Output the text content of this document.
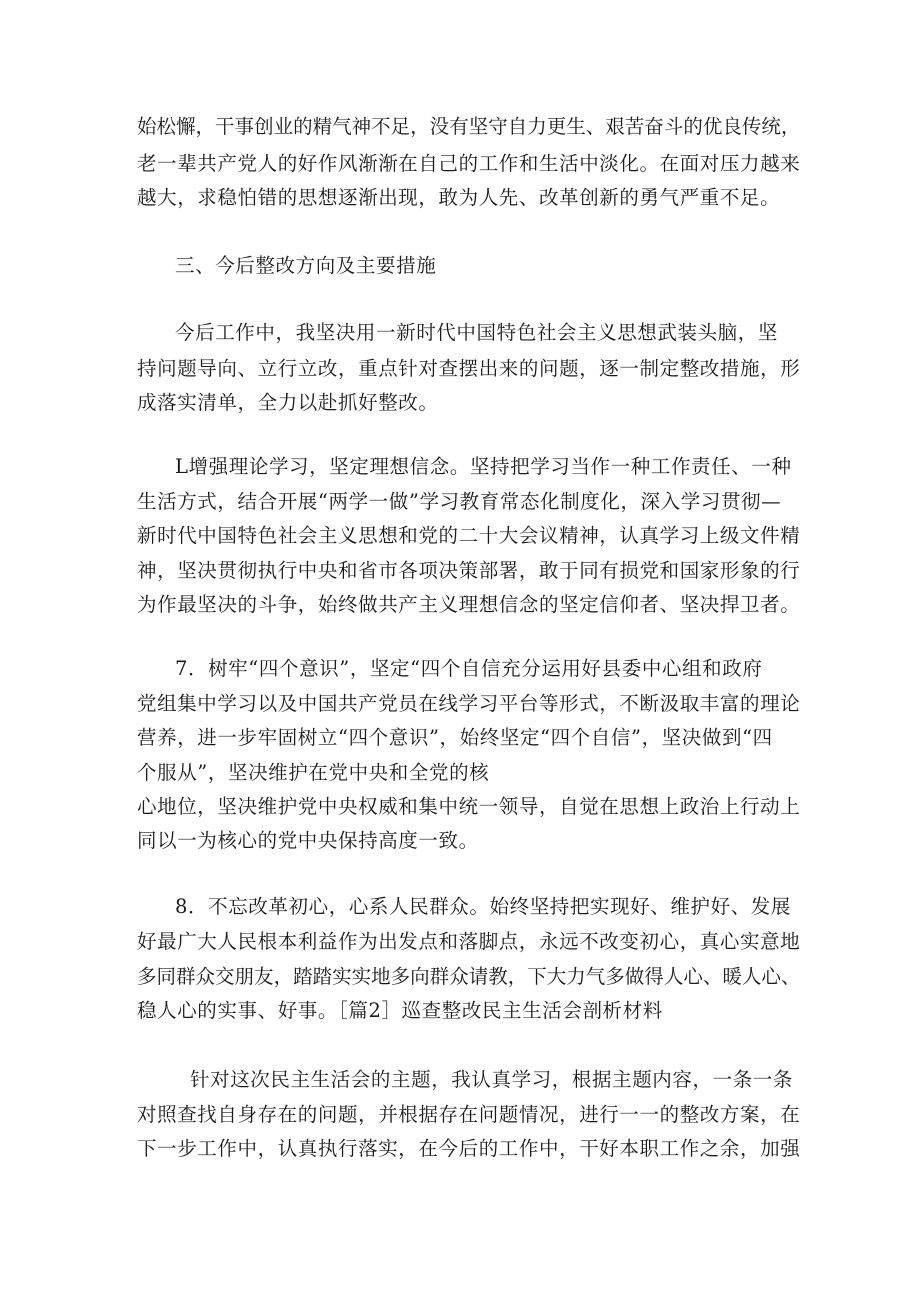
始松懈，干事创业的精气神不足，没有坚守自力更生、艰苦奋斗的优良传统，
老一辈共产党人的好作风渐渐在自己的工作和生活中淡化。在面对压力越来
越大，求稳怕错的思想逐渐出现，敢为人先、改革创新的勇气严重不足。
三、今后整改方向及主要措施
今后工作中，我坚决用一新时代中国特色社会主义思想武装头脑，坚
持问题导向、立行立改，重点针对查摆出来的问题，逐一制定整改措施，形
成落实清单，全力以赴抓好整改。
L增强理论学习，坚定理想信念。坚持把学习当作一种工作责任、一种
生活方式，结合开展“两学一做”学习教育常态化制度化，深入学习贯彻—
新时代中国特色社会主义思想和党的二十大会议精神，认真学习上级文件精
神，坚决贯彻执行中央和省市各项决策部署，敢于同有损党和国家形象的行
为作最坚决的斗争，始终做共产主义理想信念的坚定信仰者、坚决捍卫者。
7．树牢“四个意识”，坚定“四个自信充分运用好县委中心组和政府
党组集中学习以及中国共产党员在线学习平台等形式，不断汲取丰富的理论
营养，进一步牢固树立“四个意识”，始终坚定“四个自信”，坚决做到“四
个服从”，坚决维护在党中央和全党的核
心地位，坚决维护党中央权威和集中统一领导，自觉在思想上政治上行动上
同以一为核心的党中央保持高度一致。
8．不忘改革初心，心系人民群众。始终坚持把实现好、维护好、发展
好最广大人民根本利益作为出发点和落脚点，永远不改变初心，真心实意地
多同群众交朋友，踏踏实实地多向群众请教，下大力气多做得人心、暖人心、
稳人心的实事、好事。［篇2］巡查整改民主生活会剖析材料
针对这次民主生活会的主题，我认真学习，根据主题内容，一条一条
对照查找自身存在的问题，并根据存在问题情况，进行一一的整改方案，在
下一步工作中，认真执行落实，在今后的工作中，干好本职工作之余，加强
